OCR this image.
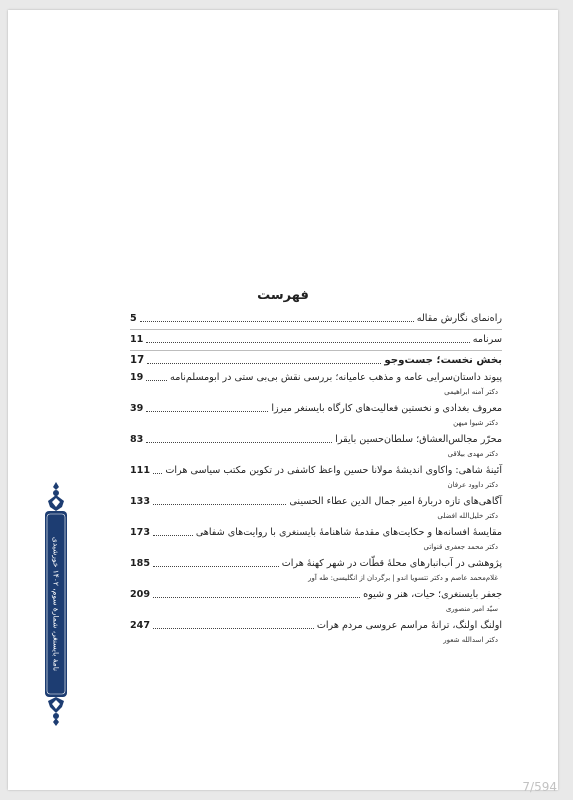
فهرست
راه‌نمای نگارش مقاله
5
سرنامه
11
بخش نخست؛ جست‌وجو
17
پیوند داستان‌سرایی عامه و مذهب عامیانه؛ بررسی نقش بی‌بی ستی در ابومسلم‌نامه
19
دکتر آمنه ابراهیمی
معروف بغدادی و نخستین فعالیت‌های کارگاه بایسنغر میرزا
39
دکتر شیوا میهن
محرّر مجالس‌العشاق؛ سلطان‌حسین بایقرا
83
دکتر مهدی بیلاقی
آئینهٔ شاهی: واکاوی اندیشهٔ مولانا حسین واعظ کاشفی در تکوین مکتب سیاسی هرات
111
دکتر داوود عرفان
آگاهی‌های تازه دربارهٔ امیر جمال الدین عطاء الحسینی
133
دکتر خلیل‌الله افضلی
مقایسهٔ افسانه‌ها و حکایت‌های مقدمهٔ شاهنامهٔ بایسنغری با روایت‌های شفاهی
173
دکتر محمد جعفری قنواتی
پژوهشی در آب‌انبارهای محلهٔ قطّات در شهر کهنهٔ هرات
185
غلام‌محمد عاصم و دکتر تتسویا اندو | برگردان از انگلیسی: طه آور
جعفر بایسنغری؛ حیات، هنر و شیوه
209
سیّد امیر منصوری
اولنگ اولنگ، ترانهٔ مراسم عروسی مردم هرات
247
دکتر اسدالله شعور
نامهٔ بایسنغر، شمارهٔ سوم، ۱۴۰۲ خورشیدی
7/594
